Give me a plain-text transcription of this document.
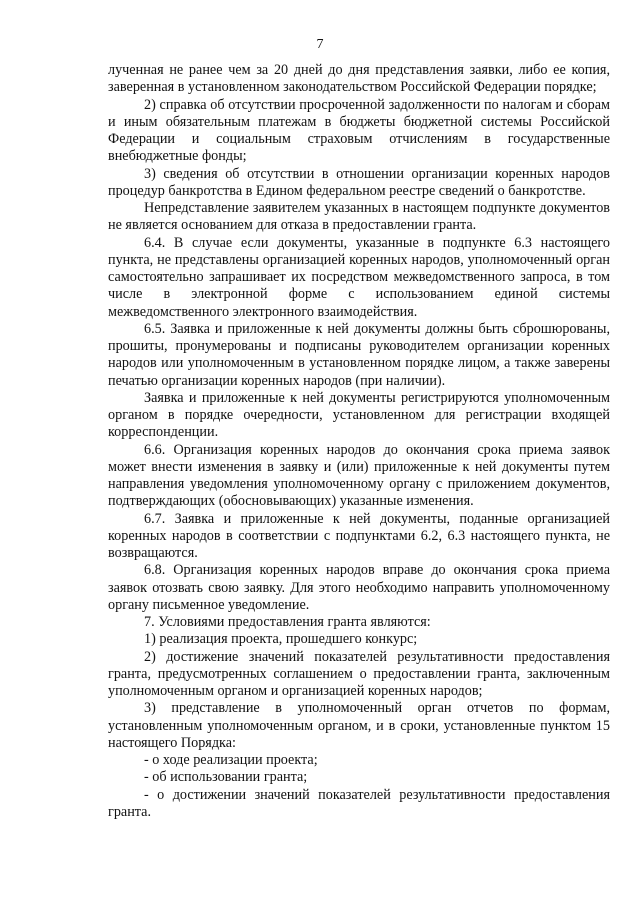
7

лученная не ранее чем за 20 дней до дня представления заявки, либо ее копия, заверенная в установленном законодательством Российской Федерации порядке;

2) справка об отсутствии просроченной задолженности по налогам и сборам и иным обязательным платежам в бюджеты бюджетной системы Российской Федерации и социальным страховым отчислениям в государственные внебюджетные фонды;

3) сведения об отсутствии в отношении организации коренных народов процедур банкротства в Едином федеральном реестре сведений о банкротстве.

Непредставление заявителем указанных в настоящем подпункте документов не является основанием для отказа в предоставлении гранта.

6.4. В случае если документы, указанные в подпункте 6.3 настоящего пункта, не представлены организацией коренных народов, уполномоченный орган самостоятельно запрашивает их посредством межведомственного запроса, в том числе в электронной форме с использованием единой системы межведомственного электронного взаимодействия.

6.5. Заявка и приложенные к ней документы должны быть сброшюрованы, прошиты, пронумерованы и подписаны руководителем организации коренных народов или уполномоченным в установленном порядке лицом, а также заверены печатью организации коренных народов (при наличии).

Заявка и приложенные к ней документы регистрируются уполномоченным органом в порядке очередности, установленном для регистрации входящей корреспонденции.

6.6. Организация коренных народов до окончания срока приема заявок может внести изменения в заявку и (или) приложенные к ней документы путем направления уведомления уполномоченному органу с приложением документов, подтверждающих (обосновывающих) указанные изменения.

6.7. Заявка и приложенные к ней документы, поданные организацией коренных народов в соответствии с подпунктами 6.2, 6.3 настоящего пункта, не возвращаются.

6.8. Организация коренных народов вправе до окончания срока приема заявок отозвать свою заявку. Для этого необходимо направить уполномоченному органу письменное уведомление.

7. Условиями предоставления гранта являются:

1) реализация проекта, прошедшего конкурс;

2) достижение значений показателей результативности предоставления гранта, предусмотренных соглашением о предоставлении гранта, заключенным уполномоченным органом и организацией коренных народов;

3) представление в уполномоченный орган отчетов по формам, установленным уполномоченным органом, и в сроки, установленные пунктом 15 настоящего Порядка:

- о ходе реализации проекта;

- об использовании гранта;

- о достижении значений показателей результативности предоставления гранта.
